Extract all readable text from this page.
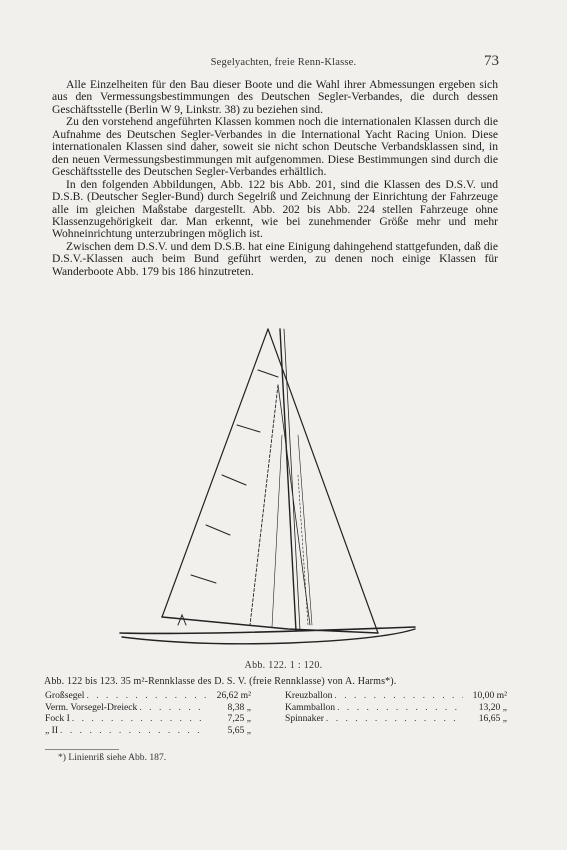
Segelyachten, freie Renn-Klasse.	73

Alle Einzelheiten für den Bau dieser Boote und die Wahl ihrer Abmessungen ergeben sich aus den Vermessungsbestimmungen des Deutschen Segler-Verbandes, die durch dessen Geschäftsstelle (Berlin W 9, Linkstr. 38) zu beziehen sind.

Zu den vorstehend angeführten Klassen kommen noch die internationalen Klassen durch die Aufnahme des Deutschen Segler-Verbandes in die International Yacht Racing Union. Diese internationalen Klassen sind daher, soweit sie nicht schon Deutsche Verbandsklassen sind, in den neuen Vermessungsbestimmungen mit aufgenommen. Diese Bestimmungen sind durch die Geschäftsstelle des Deutschen Segler-Verbandes erhältlich.

In den folgenden Abbildungen, Abb. 122 bis Abb. 201, sind die Klassen des D.S.V. und D.S.B. (Deutscher Segler-Bund) durch Segelriß und Zeichnung der Einrichtung der Fahrzeuge alle im gleichen Maßstabe dargestellt. Abb. 202 bis Abb. 224 stellen Fahrzeuge ohne Klassenzugehörigkeit dar. Man erkennt, wie bei zunehmender Größe mehr und mehr Wohneinrichtung unterzubringen möglich ist.

Zwischen dem D.S.V. und dem D.S.B. hat eine Einigung dahingehend stattgefunden, daß die D.S.V.-Klassen auch beim Bund geführt werden, zu denen noch einige Klassen für Wanderboote Abb. 179 bis 186 hinzutreten.

Abb. 122. 1 : 120.
Abb. 122 bis 123. 35 m²-Rennklasse des D. S. V. (freie Rennklasse) von A. Harms*).
Großsegel . . .	26,62 m²
Verm. Vorsegel-Dreieck . . .	8,38 „
Fock I . . .	7,25 „
„ II . . .	5,65 „
Kreuzballon . . .	10,00 m²
Kammballon . . .	13,20 „
Spinnaker . . .	16,65 „
*) Linienriß siehe Abb. 187.
